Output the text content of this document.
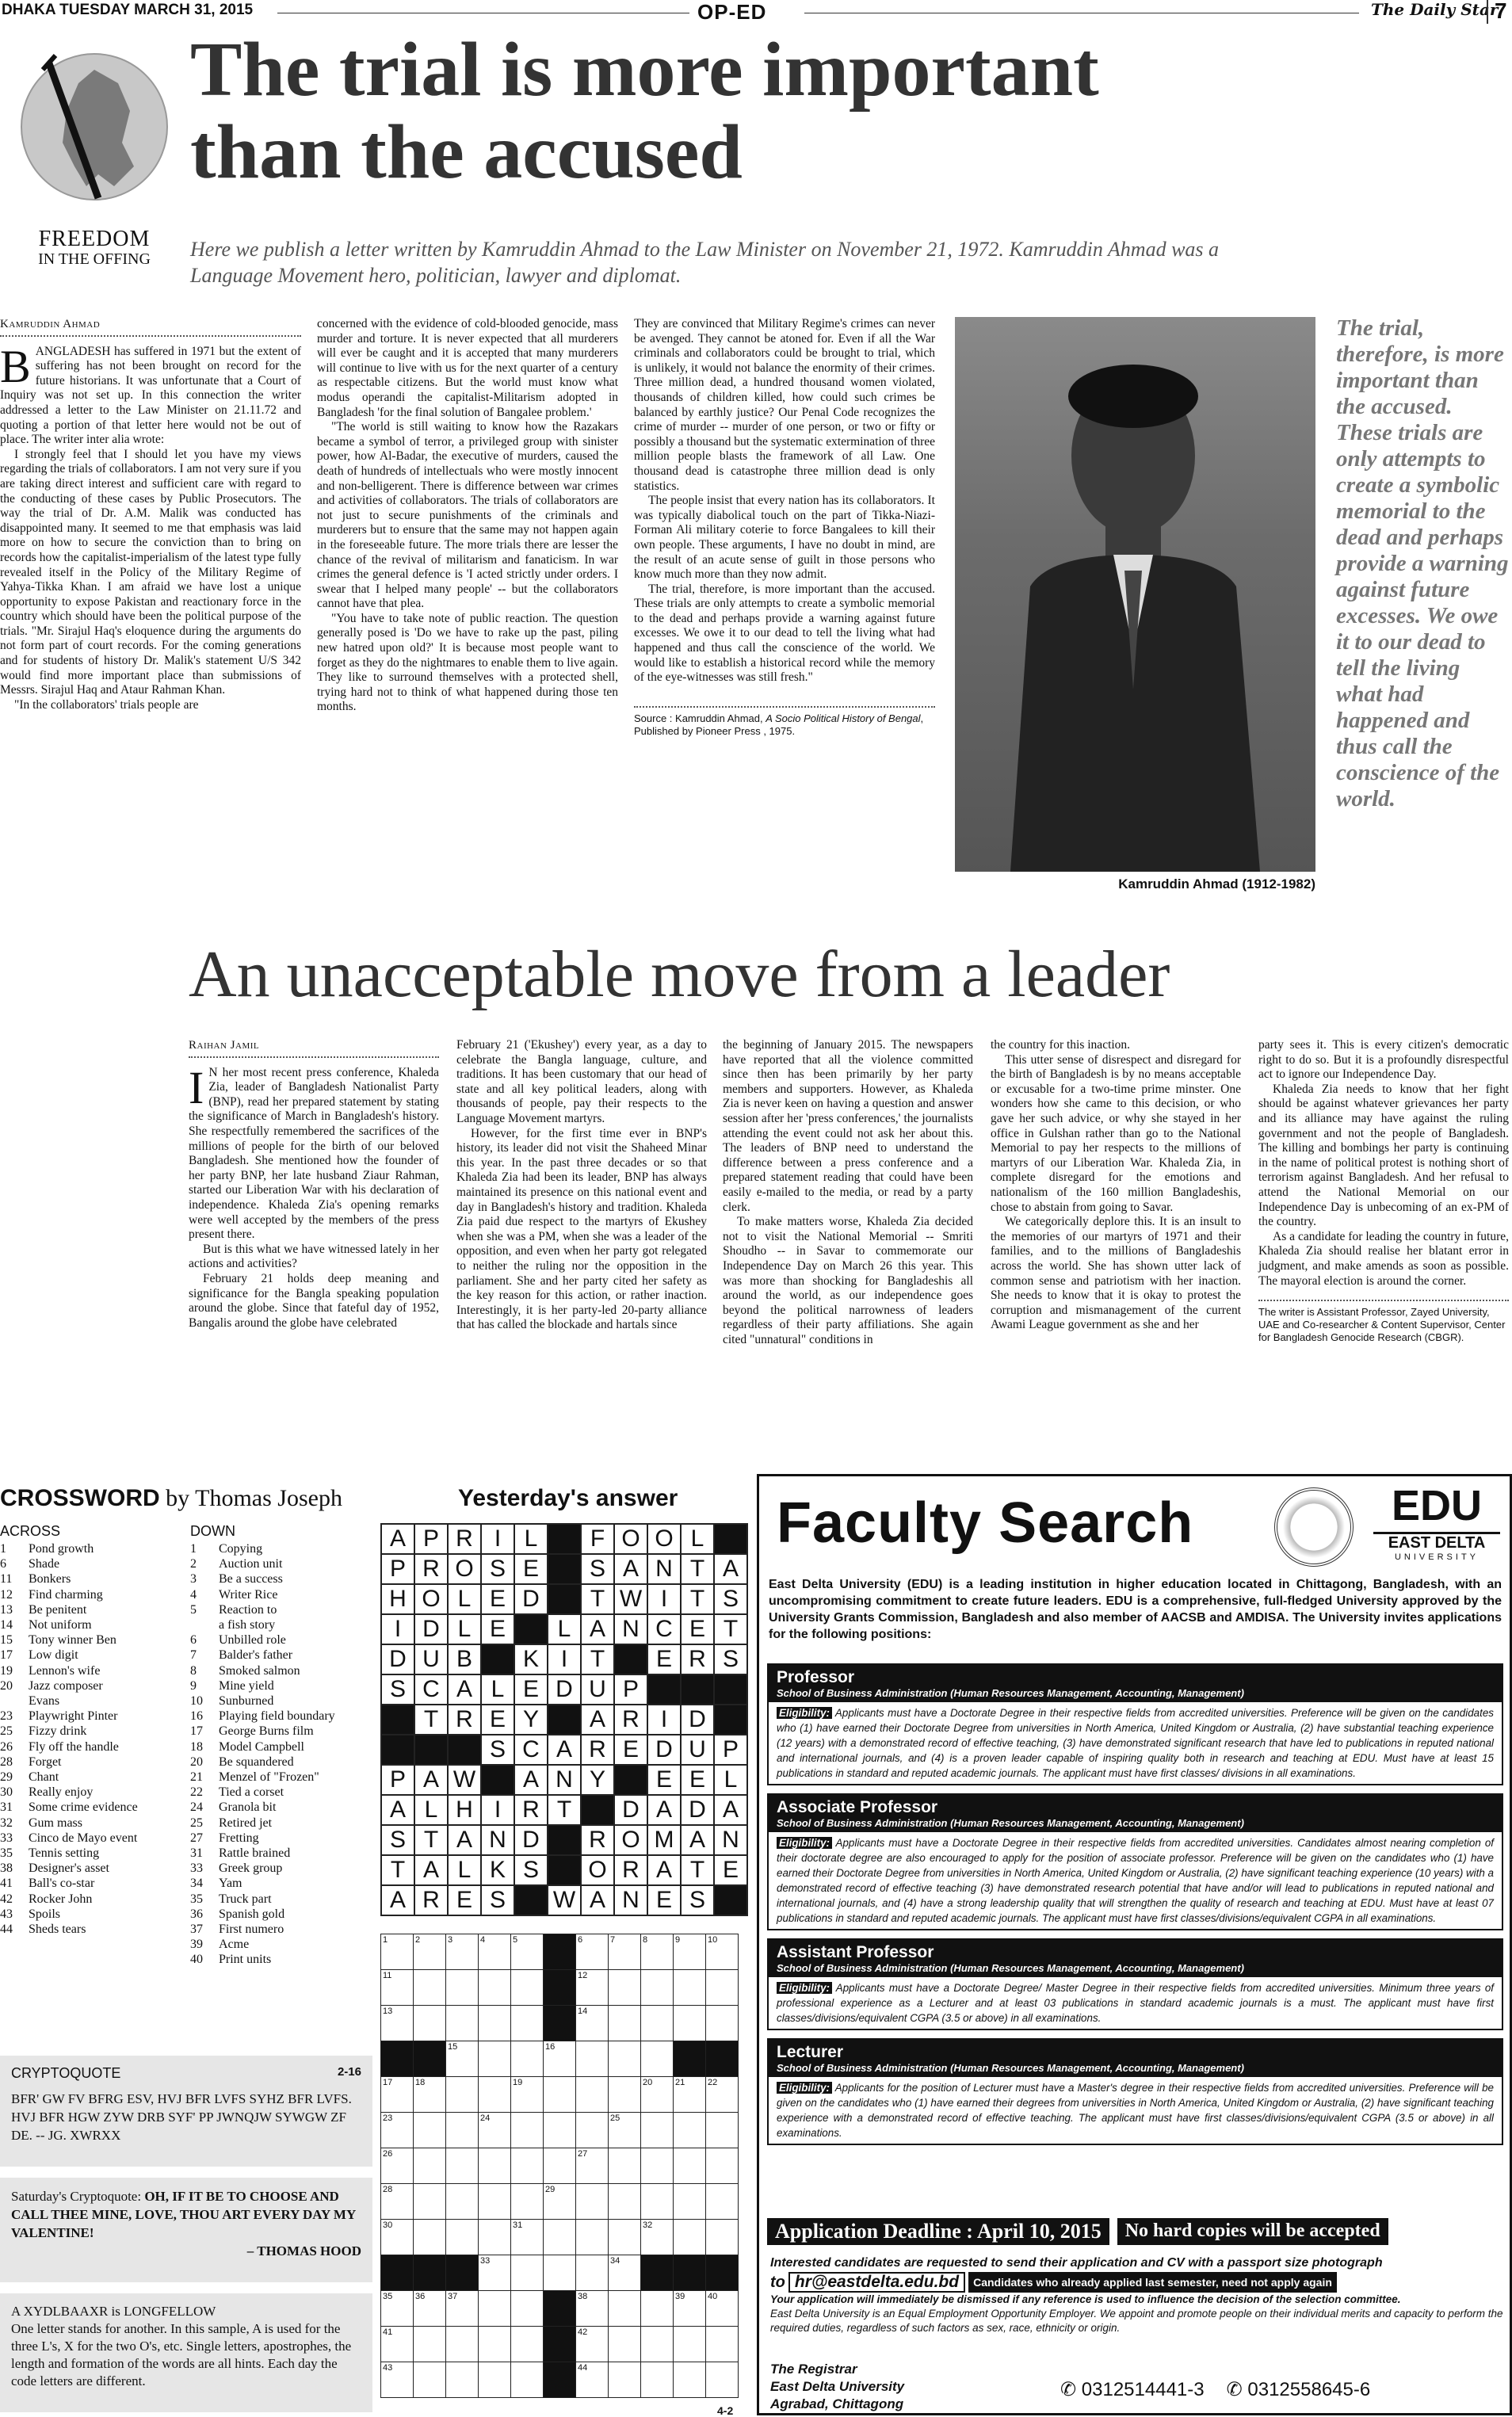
DHAKA TUESDAY MARCH 31, 2015	OP-ED	The Daily Star
7
FREEDOM
IN THE OFFING
The trial is more important
than the accused
Here we publish a letter written by Kamruddin Ahmad to the Law Minister on November 21, 1972. Kamruddin Ahmad was a Language Movement hero, politician, lawyer and diplomat.
Kamruddin Ahmad

BANGLADESH has suffered in 1971 but the extent of suffering has not been brought on record for the future historians. It was unfortunate that a Court of Inquiry was not set up. In this connection the writer addressed a letter to the Law Minister on 21.11.72 and quoting a portion of that letter here would not be out of place. The writer inter alia wrote:

I strongly feel that I should let you have my views regarding the trials of collaborators. I am not very sure if you are taking direct interest and sufficient care with regard to the conducting of these cases by Public Prosecutors. The way the trial of Dr. A.M. Malik was conducted has disappointed many. It seemed to me that emphasis was laid more on how to secure the conviction than to bring on records how the capitalist-imperialism of the latest type fully revealed itself in the Policy of the Military Regime of Yahya-Tikka Khan. I am afraid we have lost a unique opportunity to expose Pakistan and reactionary force in the country which should have been the political purpose of the trials. "Mr. Sirajul Haq's eloquence during the arguments do not form part of court records. For the coming generations and for students of history Dr. Malik's statement U/S 342 would find more important place than submissions of Messrs. Sirajul Haq and Ataur Rahman Khan.

"In the collaborators' trials people are

concerned with the evidence of cold-blooded genocide, mass murder and torture. It is never expected that all murderers will ever be caught and it is accepted that many murderers will continue to live with us for the next quarter of a century as respectable citizens. But the world must know what modus operandi the capitalist-Militarism adopted in Bangladesh 'for the final solution of Bangalee problem.'

"The world is still waiting to know how the Razakars became a symbol of terror, a privileged group with sinister power, how Al-Badar, the executive of murders, caused the death of hundreds of intellectuals who were mostly innocent and non-belligerent. There is difference between war crimes and activities of collaborators. The trials of collaborators are not just to secure punishments of the criminals and murderers but to ensure that the same may not happen again in the foreseeable future. The more trials there are lesser the chance of the revival of militarism and fanaticism. In war crimes the general defence is 'I acted strictly under orders. I swear that I helped many people' -- but the collaborators cannot have that plea.

"You have to take note of public reaction. The question generally posed is 'Do we have to rake up the past, piling new hatred upon old?' It is because most people want to forget as they do the nightmares to enable them to live again. They like to surround themselves with a protected shell, trying hard not to think of what happened during those ten months.

They are convinced that Military Regime's crimes can never be avenged. They cannot be atoned for. Even if all the War criminals and collaborators could be brought to trial, which is unlikely, it would not balance the enormity of their crimes. Three million dead, a hundred thousand women violated, thousands of children killed, how could such crimes be balanced by earthly justice? Our Penal Code recognizes the crime of murder -- murder of one person, or two or fifty or possibly a thousand but the systematic extermination of three million people blasts the framework of all Law. One thousand dead is catastrophe three million dead is only statistics.

The people insist that every nation has its collaborators. It was typically diabolical touch on the part of Tikka-Niazi-Forman Ali military coterie to force Bangalees to kill their own people. These arguments, I have no doubt in mind, are the result of an acute sense of guilt in those persons who know much more than they now admit.

The trial, therefore, is more important than the accused. These trials are only attempts to create a symbolic memorial to the dead and perhaps provide a warning against future excesses. We owe it to our dead to tell the living what had happened and thus call the conscience of the world. We would like to establish a historical record while the memory of the eye-witnesses was still fresh."

Source : Kamruddin Ahmad, A Socio Political History of Bengal, Published by Pioneer Press , 1975.
Kamruddin Ahmad (1912-1982)
The trial, therefore, is more important than the accused. These trials are only attempts to create a symbolic memorial to the dead and perhaps provide a warning against future excesses. We owe it to our dead to tell the living what had happened and thus call the conscience of the world.
An unacceptable move from a leader
Raihan Jamil

I N her most recent press conference, Khaleda Zia, leader of Bangladesh Nationalist Party (BNP), read her prepared statement by stating the significance of March in Bangladesh's history. She respectfully remembered the sacrifices of the millions of people for the birth of our beloved Bangladesh. She mentioned how the founder of her party BNP, her late husband Ziaur Rahman, started our Liberation War with his declaration of independence. Khaleda Zia's opening remarks were well accepted by the members of the press present there.

But is this what we have witnessed lately in her actions and activities?

February 21 holds deep meaning and significance for the Bangla speaking population around the globe. Since that fateful day of 1952, Bangalis around the globe have celebrated

February 21 ('Ekushey') every year, as a day to celebrate the Bangla language, culture, and traditions. It has been customary that our head of state and all key political leaders, along with thousands of people, pay their respects to the Language Movement martyrs.

However, for the first time ever in BNP's history, its leader did not visit the Shaheed Minar this year. In the past three decades or so that Khaleda Zia had been its leader, BNP has always maintained its presence on this national event and day in Bangladesh's history and tradition. Khaleda Zia paid due respect to the martyrs of Ekushey when she was a PM, when she was a leader of the opposition, and even when her party got relegated to neither the ruling nor the opposition in the parliament. She and her party cited her safety as the key reason for this action, or rather inaction. Interestingly, it is her party-led 20-party alliance that has called the blockade and hartals since

the beginning of January 2015. The newspapers have reported that all the violence committed since then has been primarily by her party members and supporters. However, as Khaleda Zia is never keen on having a question and answer session after her 'press conferences,' the journalists attending the event could not ask her about this. The leaders of BNP need to understand the difference between a press conference and a prepared statement reading that could have been easily e-mailed to the media, or read by a party clerk.

To make matters worse, Khaleda Zia decided not to visit the National Memorial -- Smriti Shoudho -- in Savar to commemorate our Independence Day on March 26 this year. This was more than shocking for Bangladeshis all around the world, as our independence goes beyond the political narrowness of leaders regardless of their party affiliations. She again cited "unnatural" conditions in

the country for this inaction.

This utter sense of disrespect and disregard for the birth of Bangladesh is by no means acceptable or excusable for a two-time prime minster. One wonders how she came to this decision, or who gave her such advice, or why she stayed in her office in Gulshan rather than go to the National Memorial to pay her respects to the millions of martyrs of our Liberation War. Khaleda Zia, in complete disregard for the emotions and nationalism of the 160 million Bangladeshis, chose to abstain from going to Savar.

We categorically deplore this. It is an insult to the memories of our martyrs of 1971 and their families, and to the millions of Bangladeshis across the world. She has shown utter lack of common sense and patriotism with her inaction. She needs to know that it is okay to protest the corruption and mismanagement of the current Awami League government as she and her

party sees it. This is every citizen's democratic right to do so. But it is a profoundly disrespectful act to ignore our Independence Day.

Khaleda Zia needs to know that her fight should be against whatever grievances her party and its alliance may have against the ruling government and not the people of Bangladesh. The killing and bombings her party is continuing in the name of political protest is nothing short of terrorism against Bangladesh. And her refusal to attend the National Memorial on our Independence Day is unbecoming of an ex-PM of the country.

As a candidate for leading the country in future, Khaleda Zia should realise her blatant error in judgment, and make amends as soon as possible. The mayoral election is around the corner.

The writer is Assistant Professor, Zayed University, UAE and Co-researcher & Content Supervisor, Center for Bangladesh Genocide Research (CBGR).
CROSSWORD by Thomas Joseph
ACROSS
1	Pond growth
6	Shade
11	Bonkers
12	Find charming
13	Be penitent
14	Not uniform
15	Tony winner Ben
17	Low digit
19	Lennon's wife
20	Jazz composer
Evans
23	Playwright Pinter
25	Fizzy drink
26	Fly off the handle
28	Forget
29	Chant
30	Really enjoy
31	Some crime evidence
32	Gum mass
33	Cinco de Mayo event
35	Tennis setting
38	Designer's asset
41	Ball's co-star
42	Rocker John
43	Spoils
44	Sheds tears
DOWN
1	Copying
2	Auction unit
3	Be a success
4	Writer Rice
5	Reaction to
a fish story
6	Unbilled role
7	Balder's father
8	Smoked salmon
9	Mine yield
10	Sunburned
16	Playing field boundary
17	George Burns film
18	Model Campbell
20	Be squandered
21	Menzel of "Frozen"
22	Tied a corset
24	Granola bit
25	Retired jet
27	Fretting
31	Rattle brained
33	Greek group
34	Yam
35	Truck part
36	Spanish gold
37	First numero
39	Acme
40	Print units
Yesterday's answer
A	P	R	I	L		F	O	O	L	
P	R	O	S	E		S	A	N	T	A
H	O	L	E	D		T	W	I	T	S
I	D	L	E		L	A	N	C	E	T
D	U	B		K	I	T		E	R	S
S	C	A	L	E	D	U	P			
	T	R	E	Y		A	R	I	D	
			S	C	A	R	E	D	U	P
P	A	W		A	N	Y		E	E	L
A	L	H	I	R	T		D	A	D	A
S	T	A	N	D		R	O	M	A	N
T	A	L	K	S		O	R	A	T	E
A	R	E	S		W	A	N	E	S	
1	2	3	4	5		6	7	8	9	10
11						12				
13						14				
		15			16					
17	18			19				20	21	22
23			24				25			
26						27				
28					29					
30				31				32		
			33				34			
35	36	37				38			39	40
41						42				
43						44				
4-2
CRYPTOQUOTE	2-16
BFR' GW FV BFRG ESV, HVJ BFR LVFS SYHZ BFR LVFS. HVJ BFR HGW ZYW DRB SYF' PP JWNQJW SYWGW ZF DE. -- JG. XWRXX
Saturday's Cryptoquote: OH, IF IT BE TO CHOOSE AND CALL THEE MINE, LOVE, THOU ART EVERY DAY MY VALENTINE!
– THOMAS HOOD
A XYDLBAAXR is LONGFELLOW
One letter stands for another. In this sample, A is used for the three L's, X for the two O's, etc. Single letters, apostrophes, the length and formation of the words are all hints. Each day the code letters are different.
Faculty Search	EDU
EAST DELTA
UNIVERSITY
East Delta University (EDU) is a leading institution in higher education located in Chittagong, Bangladesh, with an uncompromising commitment to create future leaders. EDU is a comprehensive, full-fledged University approved by the University Grants Commission, Bangladesh and also member of AACSB and AMDISA. The University invites applications for the following positions:
Professor
School of Business Administration (Human Resources Management, Accounting, Management)
Eligibility: Applicants must have a Doctorate Degree in their respective fields from accredited universities. Preference will be given on the candidates who (1) have earned their Doctorate Degree from universities in North America, United Kingdom or Australia, (2) have substantial teaching experience (12 years) with a demonstrated record of effective teaching, (3) have demonstrated significant research that have led to publications in reputed national and international journals, and (4) is a proven leader capable of inspiring quality both in research and teaching at EDU. Must have at least 15 publications in standard and reputed academic journals. The applicant must have first classes/ divisions in all examinations.
Associate Professor
School of Business Administration (Human Resources Management, Accounting, Management)
Eligibility: Applicants must have a Doctorate Degree in their respective fields from accredited universities. Candidates almost nearing completion of their doctorate degree are also encouraged to apply for the position of associate professor. Preference will be given on the candidates who (1) have earned their Doctorate Degree from universities in North America, United Kingdom or Australia, (2) have significant teaching experience (10 years) with a demonstrated record of effective teaching (3) have demonstrated research potential that have and/or will lead to publications in reputed national and international journals, and (4) have a strong leadership quality that will strengthen the quality of research and teaching at EDU. Must have at least 07 publications in standard and reputed academic journals. The applicant must have first classes/divisions/equivalent CGPA in all examinations.
Assistant Professor
School of Business Administration (Human Resources Management, Accounting, Management)
Eligibility: Applicants must have a Doctorate Degree/ Master Degree in their respective fields from accredited universities. Minimum three years of professional experience as a Lecturer and at least 03 publications in standard academic journals is a must. The applicant must have first classes/divisions/equivalent CGPA (3.5 or above) in all examinations.
Lecturer
School of Business Administration (Human Resources Management, Accounting, Management)
Eligibility: Applicants for the position of Lecturer must have a Master's degree in their respective fields from accredited universities. Preference will be given on the candidates who (1) have earned their degrees from universities in North America, United Kingdom or Australia, (2) have significant teaching experience with a demonstrated record of effective teaching. The applicant must have first classes/divisions/equivalent CGPA (3.5 or above) in all examinations.
Application Deadline : April 10, 2015	No hard copies will be accepted
Interested candidates are requested to send their application and CV with a passport size photograph
to hr@eastdelta.edu.bd	Candidates who already applied last semester, need not apply again
Your application will immediately be dismissed if any reference is used to influence the decision of the selection committee.
East Delta University is an Equal Employment Opportunity Employer. We appoint and promote people on their individual merits and capacity to perform the required duties, regardless of such factors as sex, race, ethnicity or origin.
The Registrar
East Delta University
Agrabad, Chittagong
✆ 0312514441-3 ✆ 0312558645-6
